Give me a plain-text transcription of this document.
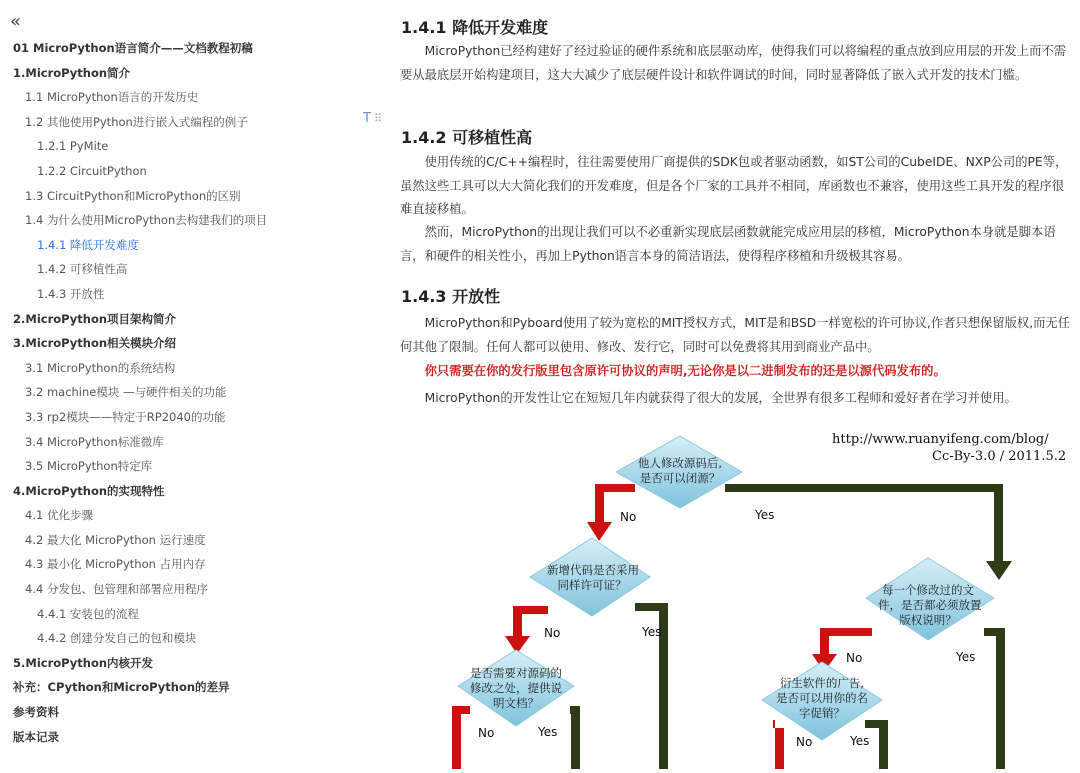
«
01 MicroPython语言简介——文档教程初稿
1.MicroPython简介
1.1 MicroPython语言的开发历史
1.2 其他使用Python进行嵌入式编程的例子
1.2.1 PyMite
1.2.2 CircuitPython
1.3 CircuitPython和MicroPython的区别
1.4 为什么使用MicroPython去构建我们的项目
1.4.1 降低开发难度
1.4.2 可移植性高
1.4.3 开放性
2.MicroPython项目架构简介
3.MicroPython相关模块介绍
3.1 MicroPython的系统结构
3.2 machine模块 —与硬件相关的功能
3.3 rp2模块——特定于RP2040的功能
3.4 MicroPython标准微库
3.5 MicroPython特定库
4.MicroPython的实现特性
4.1 优化步骤
4.2 最大化 MicroPython 运行速度
4.3 最小化 MicroPython 占用内存
4.4 分发包、包管理和部署应用程序
4.4.1 安装包的流程
4.4.2 创建分发自己的包和模块
5.MicroPython内核开发
补充：CPython和MicroPython的差异
参考资料
版本记录
T ⠿
1.4.1 降低开发难度
MicroPython已经构建好了经过验证的硬件系统和底层驱动库，使得我们可以将编程的重点放到应用层的开发上而不需要从最底层开始构建项目，这大大减少了底层硬件设计和软件调试的时间，同时显著降低了嵌入式开发的技术门槛。
1.4.2 可移植性高
使用传统的C/C++编程时，往往需要使用厂商提供的SDK包或者驱动函数，如ST公司的CubeIDE、NXP公司的PE等，虽然这些工具可以大大简化我们的开发难度，但是各个厂家的工具并不相同，库函数也不兼容，使用这些工具开发的程序很难直接移植。
然而，MicroPython的出现让我们可以不必重新实现底层函数就能完成应用层的移植，MicroPython本身就是脚本语言，和硬件的相关性小，再加上Python语言本身的简洁语法，使得程序移植和升级极其容易。
1.4.3 开放性
MicroPython和Pyboard使用了较为宽松的MIT授权方式，MIT是和BSD一样宽松的许可协议,作者只想保留版权,而无任何其他了限制。任何人都可以使用、修改、发行它，同时可以免费将其用到商业产品中。
你只需要在你的发行版里包含原许可协议的声明,无论你是以二进制发布的还是以源代码发布的。
MicroPython的开发性让它在短短几年内就获得了很大的发展，全世界有很多工程师和爱好者在学习并使用。
http://www.ruanyifeng.com/blog/
Cc-By-3.0 / 2011.5.2
他人修改源码后,
是否可以闭源？
新增代码是否采用
同样许可证？	每一个修改过的文
件，是否都必须放置
版权说明？
是否需要对源码的
修改之处，提供说
明文档？
衍生软件的广告,
是否可以用你的名
字促销？
No	Yes
No	Yes
No	Yes
No	Yes
No	Yes
